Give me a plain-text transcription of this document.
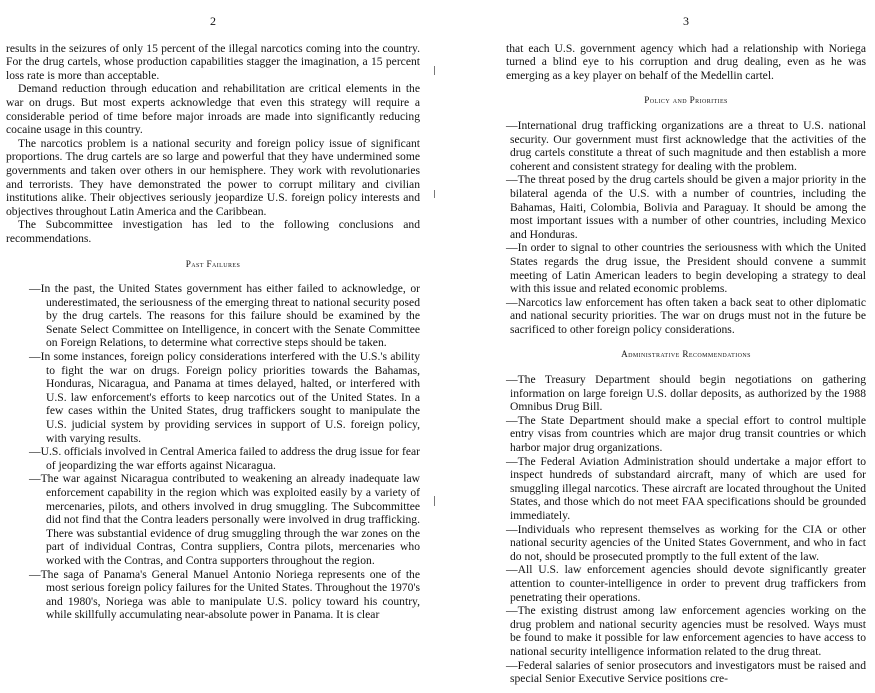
2

results in the seizures of only 15 percent of the illegal narcotics coming into the country. For the drug cartels, whose production capabilities stagger the imagination, a 15 percent loss rate is more than acceptable.

Demand reduction through education and rehabilitation are critical elements in the war on drugs. But most experts acknowledge that even this strategy will require a considerable period of time before major inroads are made into significantly reducing cocaine usage in this country.

The narcotics problem is a national security and foreign policy issue of significant proportions. The drug cartels are so large and powerful that they have undermined some governments and taken over others in our hemisphere. They work with revolutionaries and terrorists. They have demonstrated the power to corrupt military and civilian institutions alike. Their objectives seriously jeopardize U.S. foreign policy interests and objectives throughout Latin America and the Caribbean.

The Subcommittee investigation has led to the following conclusions and recommendations.

Past Failures
—In the past, the United States government has either failed to acknowledge, or underestimated, the seriousness of the emerging threat to national security posed by the drug cartels. The reasons for this failure should be examined by the Senate Select Committee on Intelligence, in concert with the Senate Committee on Foreign Relations, to determine what corrective steps should be taken.
—In some instances, foreign policy considerations interfered with the U.S.'s ability to fight the war on drugs. Foreign policy priorities towards the Bahamas, Honduras, Nicaragua, and Panama at times delayed, halted, or interfered with U.S. law enforcement's efforts to keep narcotics out of the United States. In a few cases within the United States, drug traffickers sought to manipulate the U.S. judicial system by providing services in support of U.S. foreign policy, with varying results.
—U.S. officials involved in Central America failed to address the drug issue for fear of jeopardizing the war efforts against Nicaragua.
—The war against Nicaragua contributed to weakening an already inadequate law enforcement capability in the region which was exploited easily by a variety of mercenaries, pilots, and others involved in drug smuggling. The Subcommittee did not find that the Contra leaders personally were involved in drug trafficking. There was substantial evidence of drug smuggling through the war zones on the part of individual Contras, Contra suppliers, Contra pilots, mercenaries who worked with the Contras, and Contra supporters throughout the region.
—The saga of Panama's General Manuel Antonio Noriega represents one of the most serious foreign policy failures for the United States. Throughout the 1970's and 1980's, Noriega was able to manipulate U.S. policy toward his country, while skillfully accumulating near-absolute power in Panama. It is clear
3

that each U.S. government agency which had a relationship with Noriega turned a blind eye to his corruption and drug dealing, even as he was emerging as a key player on behalf of the Medellin cartel.

Policy and Priorities
—International drug trafficking organizations are a threat to U.S. national security. Our government must first acknowledge that the activities of the drug cartels constitute a threat of such magnitude and then establish a more coherent and consistent strategy for dealing with the problem.
—The threat posed by the drug cartels should be given a major priority in the bilateral agenda of the U.S. with a number of countries, including the Bahamas, Haiti, Colombia, Bolivia and Paraguay. It should be among the most important issues with a number of other countries, including Mexico and Honduras.
—In order to signal to other countries the seriousness with which the United States regards the drug issue, the President should convene a summit meeting of Latin American leaders to begin developing a strategy to deal with this issue and related economic problems.
—Narcotics law enforcement has often taken a back seat to other diplomatic and national security priorities. The war on drugs must not in the future be sacrificed to other foreign policy considerations.
Administrative Recommendations
—The Treasury Department should begin negotiations on gathering information on large foreign U.S. dollar deposits, as authorized by the 1988 Omnibus Drug Bill.
—The State Department should make a special effort to control multiple entry visas from countries which are major drug transit countries or which harbor major drug organizations.
—The Federal Aviation Administration should undertake a major effort to inspect hundreds of substandard aircraft, many of which are used for smuggling illegal narcotics. These aircraft are located throughout the United States, and those which do not meet FAA specifications should be grounded immediately.
—Individuals who represent themselves as working for the CIA or other national security agencies of the United States Government, and who in fact do not, should be prosecuted promptly to the full extent of the law.
—All U.S. law enforcement agencies should devote significantly greater attention to counter-intelligence in order to prevent drug traffickers from penetrating their operations.
—The existing distrust among law enforcement agencies working on the drug problem and national security agencies must be resolved. Ways must be found to make it possible for law enforcement agencies to have access to national security intelligence information related to the drug threat.
—Federal salaries of senior prosecutors and investigators must be raised and special Senior Executive Service positions cre-
